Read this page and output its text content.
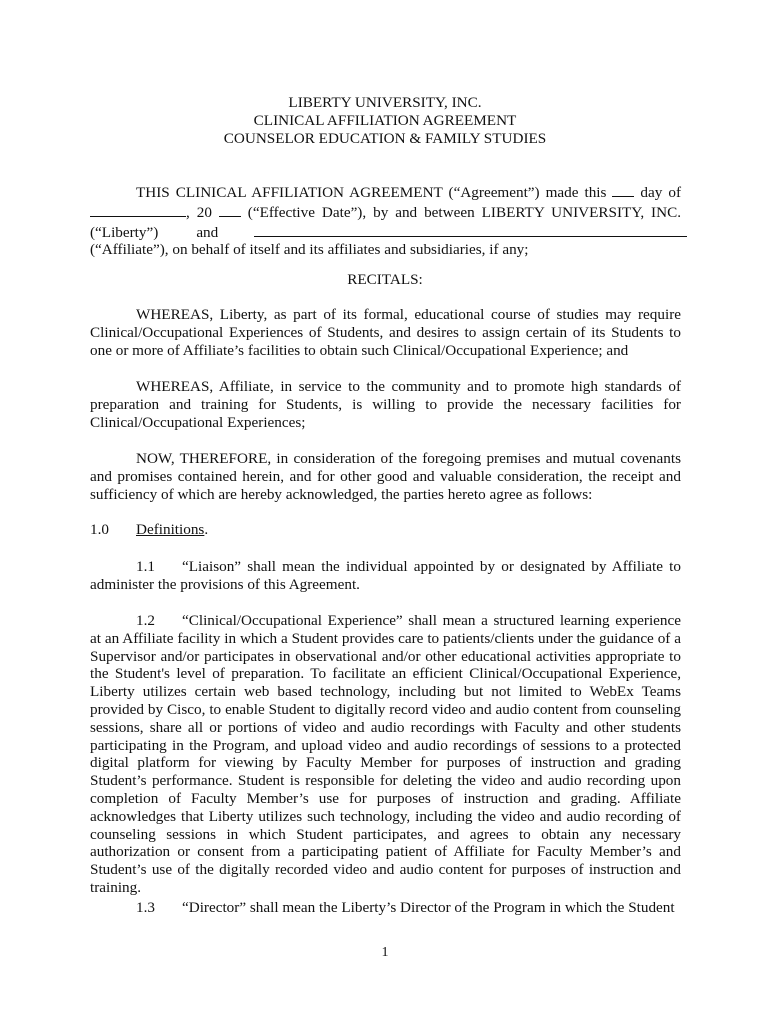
LIBERTY UNIVERSITY, INC.
CLINICAL AFFILIATION AGREEMENT
COUNSELOR EDUCATION & FAMILY STUDIES
THIS CLINICAL AFFILIATION AGREEMENT (“Agreement”) made this day of
, 20 (“Effective Date”), by and between LIBERTY UNIVERSITY, INC.
(“Liberty”)	and
(“Affiliate”), on behalf of itself and its affiliates and subsidiaries, if any;
RECITALS:
WHEREAS, Liberty, as part of its formal, educational course of studies may require Clinical/Occupational Experiences of Students, and desires to assign certain of its Students to one or more of Affiliate’s facilities to obtain such Clinical/Occupational Experience; and
WHEREAS, Affiliate, in service to the community and to promote high standards of preparation and training for Students, is willing to provide the necessary facilities for Clinical/Occupational Experiences;
NOW, THEREFORE, in consideration of the foregoing premises and mutual covenants and promises contained herein, and for other good and valuable consideration, the receipt and sufficiency of which are hereby acknowledged, the parties hereto agree as follows:
1.0 Definitions.
1.1 “Liaison” shall mean the individual appointed by or designated by Affiliate to administer the provisions of this Agreement.
1.2 “Clinical/Occupational Experience” shall mean a structured learning experience at an Affiliate facility in which a Student provides care to patients/clients under the guidance of a Supervisor and/or participates in observational and/or other educational activities appropriate to the Student's level of preparation. To facilitate an efficient Clinical/Occupational Experience, Liberty utilizes certain web based technology, including but not limited to WebEx Teams provided by Cisco, to enable Student to digitally record video and audio content from counseling sessions, share all or portions of video and audio recordings with Faculty and other students participating in the Program, and upload video and audio recordings of sessions to a protected digital platform for viewing by Faculty Member for purposes of instruction and grading Student’s performance. Student is responsible for deleting the video and audio recording upon completion of Faculty Member’s use for purposes of instruction and grading. Affiliate acknowledges that Liberty utilizes such technology, including the video and audio recording of counseling sessions in which Student participates, and agrees to obtain any necessary authorization or consent from a participating patient of Affiliate for Faculty Member’s and Student’s use of the digitally recorded video and audio content for purposes of instruction and training.
1.3 “Director” shall mean the Liberty’s Director of the Program in which the Student
1
